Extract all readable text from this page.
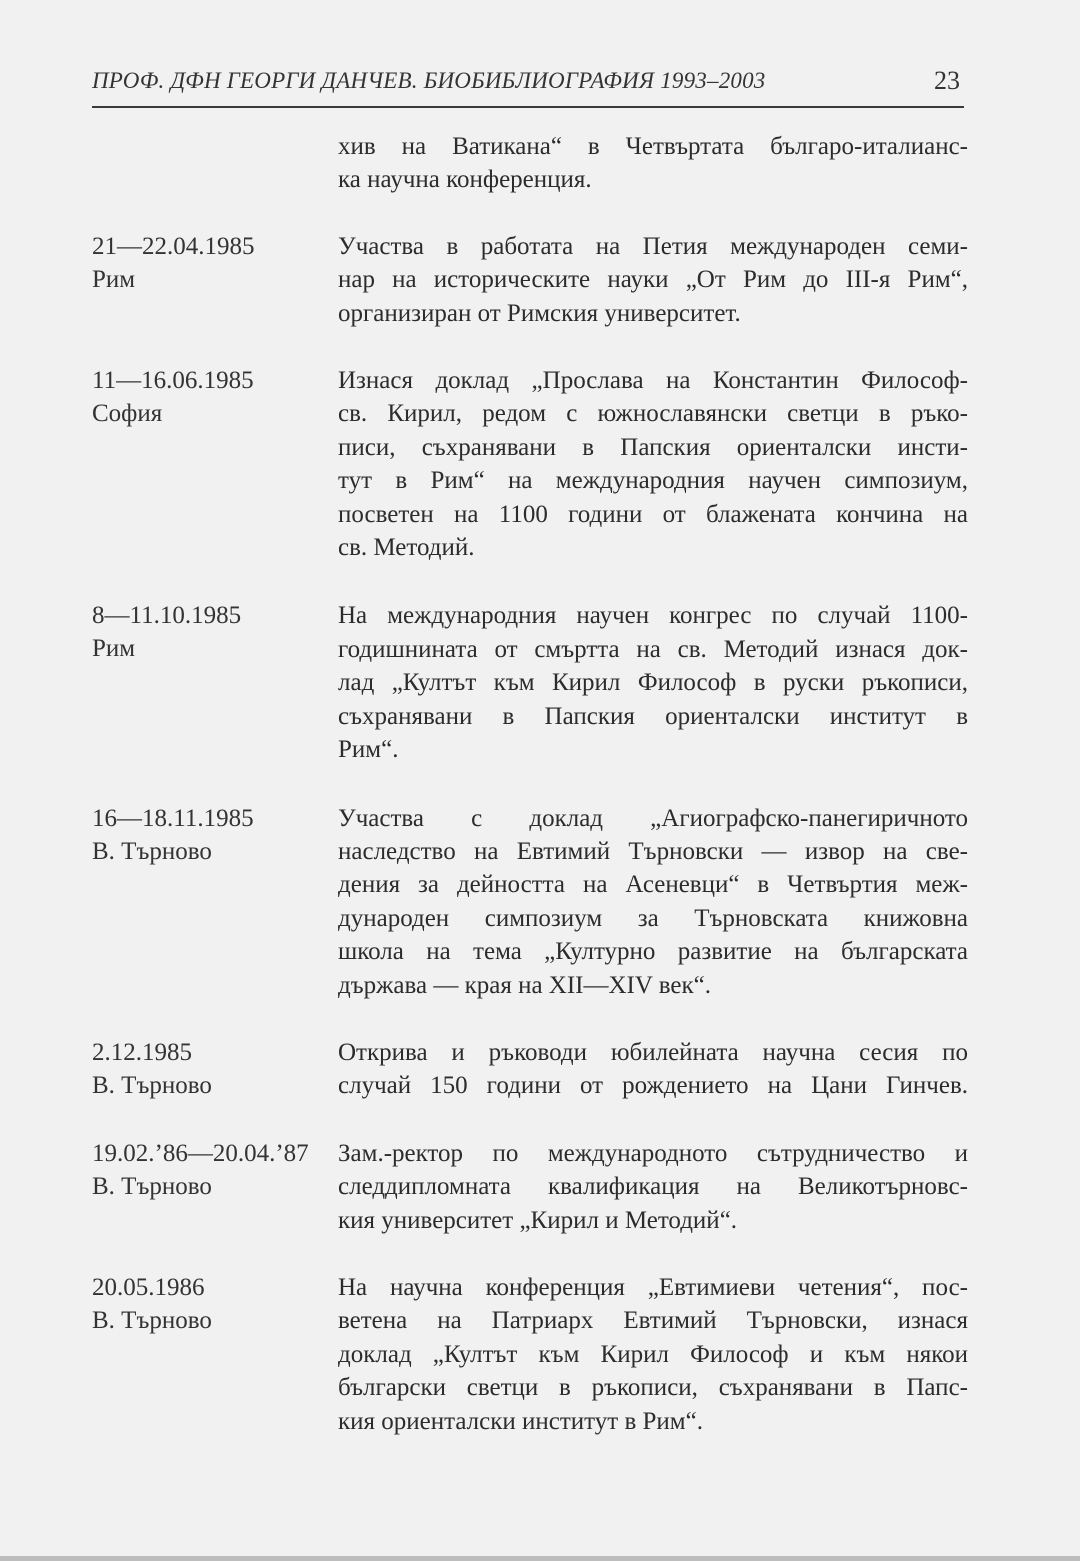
ПРОФ. ДФН ГЕОРГИ ДАНЧЕВ. БИОБИБЛИОГРАФИЯ 1993–2003	23
хив на Ватикана“ в Четвъртата българо-италианс-
ка научна конференция.
21—22.04.1985
Рим
Участва в работата на Петия международен семи-
нар на историческите науки „От Рим до III-я Рим“,
организиран от Римския университет.
11—16.06.1985
София
Изнася доклад „Прослава на Константин Философ-
св. Кирил, редом с южнославянски светци в ръко-
писи, съхранявани в Папския ориенталски инсти-
тут в Рим“ на международния научен симпозиум,
посветен на 1100 години от блажената кончина на
св. Методий.
8—11.10.1985
Рим
На международния научен конгрес по случай 1100-
годишнината от смъртта на св. Методий изнася док-
лад „Култът към Кирил Философ в руски ръкописи,
съхранявани в Папския ориенталски институт в
Рим“.
16—18.11.1985
В. Търново
Участва с доклад „Агиографско-панегиричното
наследство на Евтимий Търновски — извор на све-
дения за дейността на Асеневци“ в Четвъртия меж-
дународен симпозиум за Търновската книжовна
школа на тема „Културно развитие на българската
държава — края на XII—XIV век“.
2.12.1985
В. Търново
Открива и ръководи юбилейната научна сесия по
случай 150 години от рождението на Цани Гинчев.
19.02.’86—20.04.’87
В. Търново
Зам.-ректор по международното сътрудничество и
следдипломната квалификация на Великотърновс-
кия университет „Кирил и Методий“.
20.05.1986
В. Търново
На научна конференция „Евтимиеви четения“, пос-
ветена на Патриарх Евтимий Търновски, изнася
доклад „Култът към Кирил Философ и към някои
български светци в ръкописи, съхранявани в Папс-
кия ориенталски институт в Рим“.
